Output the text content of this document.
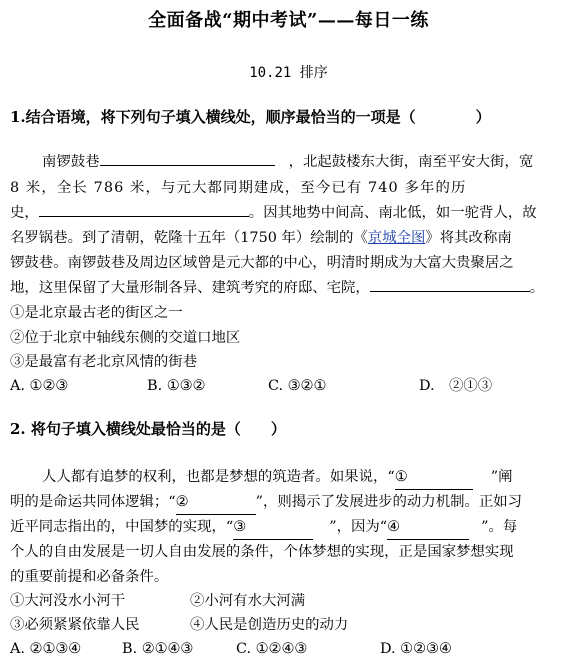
全面备战“期中考试”——每日一练
10.21 排序
1.结合语境，将下列句子填入横线处，顺序最恰当的一项是（　　　　）
南锣鼓巷	，北起鼓楼东大街，南至平安大街，宽
8 米，全长 786 米，与元大都同期建成，至今已有 740 多年的历
史，	。因其地势中间高、南北低，如一驼背人，故
名罗锅巷。到了清朝，乾隆十五年（1750 年）绘制的《京城全图》将其改称南
锣鼓巷。南锣鼓巷及周边区域曾是元大都的中心，明清时期成为大富大贵聚居之
地，这里保留了大量形制各异、建筑考究的府邸、宅院，	。
①是北京最古老的街区之一
②位于北京中轴线东侧的交道口地区
③是最富有老北京风情的街巷
A. ①②③	B. ①③②	C. ③②①	D.　②①③
2. 将句子填入横线处最恰当的是（　　）
人人都有追梦的权利，也都是梦想的筑造者。如果说，“①	”阐
明的是命运共同体逻辑；“②	”，则揭示了发展进步的动力机制。正如习
近平同志指出的，中国梦的实现，“③	”，因为“④	”。每
个人的自由发展是一切人自由发展的条件，个体梦想的实现，正是国家梦想实现
的重要前提和必备条件。
①大河没水小河干	②小河有水大河满
③必须紧紧依靠人民	④人民是创造历史的动力
A. ②①③④	B. ②①④③	C. ①②④③	D. ①②③④
